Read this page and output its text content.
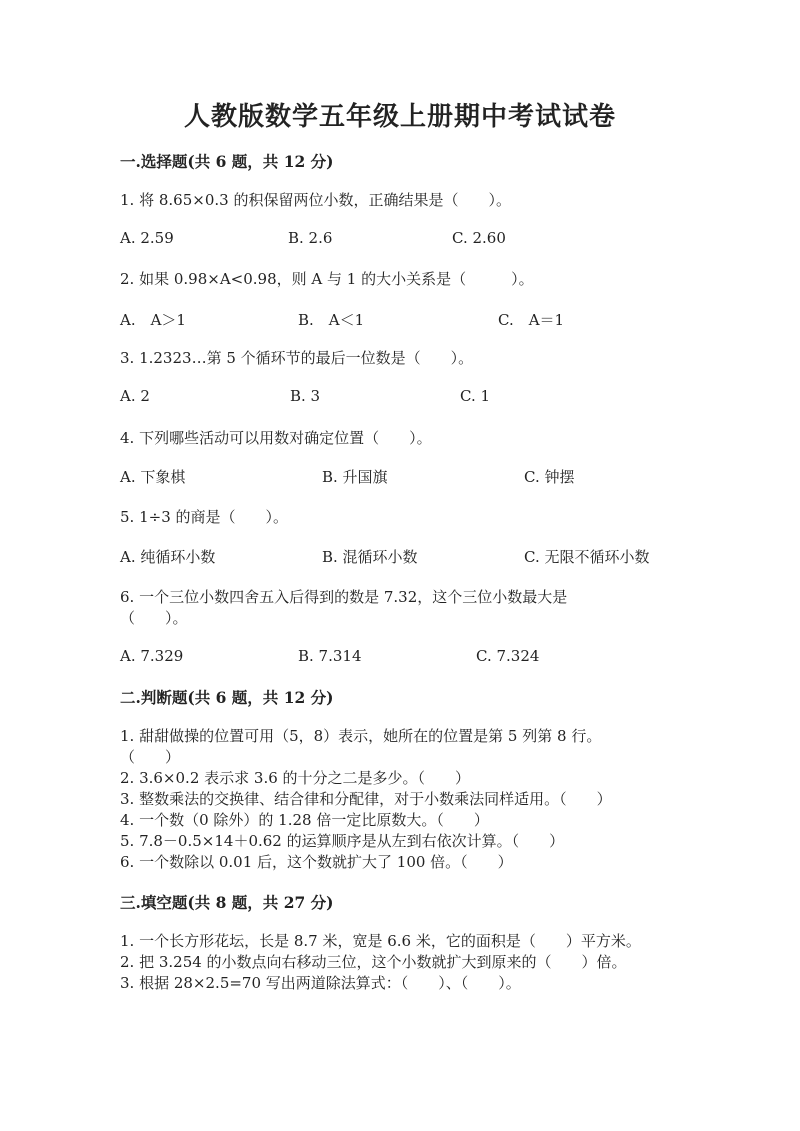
人教版数学五年级上册期中考试试卷
一.选择题(共 6 题，共 12 分)
1. 将 8.65×0.3 的积保留两位小数，正确结果是（　　）。
A. 2.59	B. 2.6	C. 2.60
2. 如果 0.98×A<0.98，则 A 与 1 的大小关系是（　　　）。
A.　A＞1	B.　A＜1	C.　A＝1
3. 1.2323…第 5 个循环节的最后一位数是（　　）。
A. 2	B. 3	C. 1
4. 下列哪些活动可以用数对确定位置（　　）。
A. 下象棋	B. 升国旗	C. 钟摆
5. 1÷3 的商是（　　）。
A. 纯循环小数	B. 混循环小数	C. 无限不循环小数
6. 一个三位小数四舍五入后得到的数是 7.32，这个三位小数最大是
（　　）。
A. 7.329	B. 7.314	C. 7.324
二.判断题(共 6 题，共 12 分)
1. 甜甜做操的位置可用（5，8）表示，她所在的位置是第 5 列第 8 行。
（　　）
2. 3.6×0.2 表示求 3.6 的十分之二是多少。（　　）
3. 整数乘法的交换律、结合律和分配律，对于小数乘法同样适用。（　　）
4. 一个数（0 除外）的 1.28 倍一定比原数大。（　　）
5. 7.8－0.5×14＋0.62 的运算顺序是从左到右依次计算。（　　）
6. 一个数除以 0.01 后，这个数就扩大了 100 倍。（　　）
三.填空题(共 8 题，共 27 分)
1. 一个长方形花坛，长是 8.7 米，宽是 6.6 米，它的面积是（　　）平方米。
2. 把 3.254 的小数点向右移动三位，这个小数就扩大到原来的（　　）倍。
3. 根据 28×2.5=70 写出两道除法算式：（　　）、（　　）。
